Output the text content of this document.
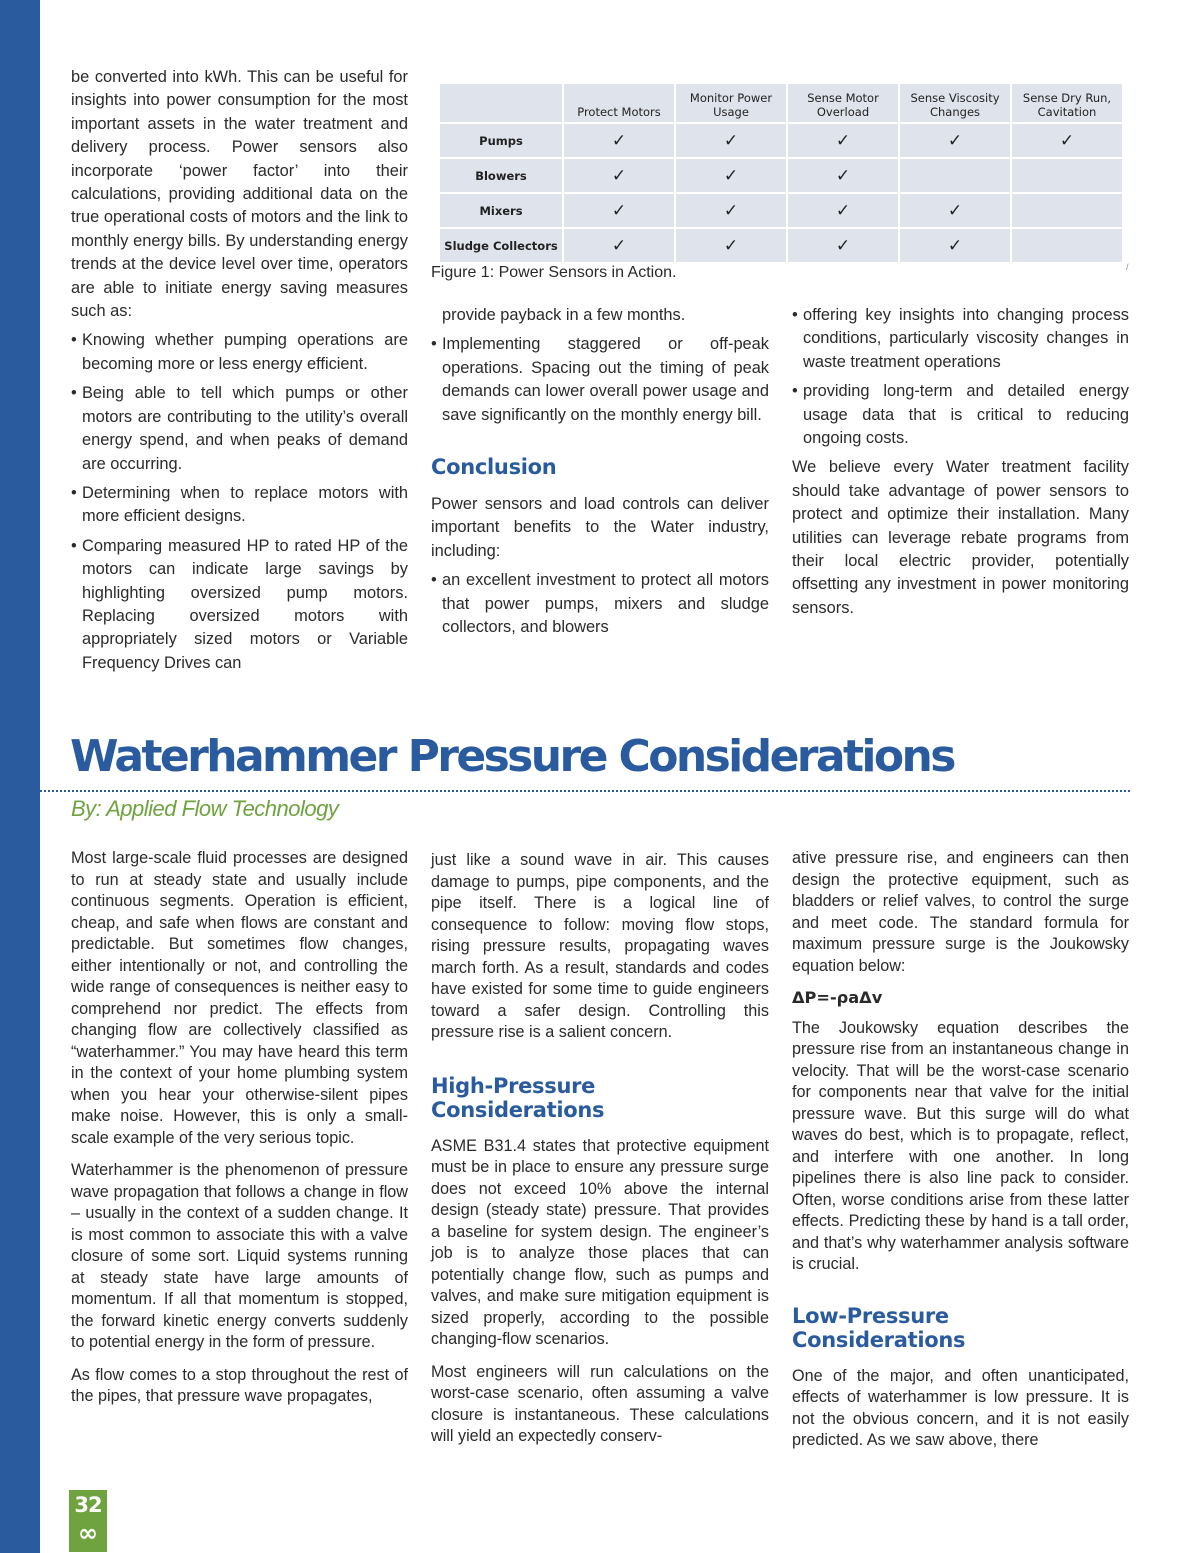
be converted into kWh. This can be useful for insights into power consumption for the most important assets in the water treatment and delivery process. Power sensors also incorporate ‘power factor’ into their calculations, providing additional data on the true operational costs of motors and the link to monthly energy bills. By understanding energy trends at the device level over time, operators are able to initiate energy saving measures such as:

• Knowing whether pumping operations are becoming more or less energy efficient.
• Being able to tell which pumps or other motors are contributing to the utility’s overall energy spend, and when peaks of demand are occurring.
• Determining when to replace motors with more efficient designs.
• Comparing measured HP to rated HP of the motors can indicate large savings by highlighting oversized pump motors. Replacing oversized motors with appropriately sized motors or Variable Frequency Drives can
	Protect Motors	Monitor Power Usage	Sense Motor Overload	Sense Viscosity Changes	Sense Dry Run, Cavitation
Pumps	✓	✓	✓	✓	✓
Blowers	✓	✓	✓		
Mixers	✓	✓	✓	✓	
Sludge Collectors	✓	✓	✓	✓	
Figure 1: Power Sensors in Action.	/

provide payback in a few months.

• Implementing staggered or off-peak operations. Spacing out the timing of peak demands can lower overall power usage and save significantly on the monthly energy bill.
Conclusion

Power sensors and load controls can deliver important benefits to the Water industry, including:

• an excellent investment to protect all motors that power pumps, mixers and sludge collectors, and blowers
• offering key insights into changing process conditions, particularly viscosity changes in waste treatment operations
• providing long-term and detailed energy usage data that is critical to reducing ongoing costs.

We believe every Water treatment facility should take advantage of power sensors to protect and optimize their installation. Many utilities can leverage rebate programs from their local electric provider, potentially offsetting any investment in power monitoring sensors.

Waterhammer Pressure Considerations
By: Applied Flow Technology

Most large-scale fluid processes are designed to run at steady state and usually include continuous segments. Operation is efficient, cheap, and safe when flows are constant and predictable. But sometimes flow changes, either intentionally or not, and controlling the wide range of consequences is neither easy to comprehend nor predict. The effects from changing flow are collectively classified as “waterhammer.” You may have heard this term in the context of your home plumbing system when you hear your otherwise-silent pipes make noise. However, this is only a small-scale example of the very serious topic.

Waterhammer is the phenomenon of pressure wave propagation that follows a change in flow – usually in the context of a sudden change. It is most common to associate this with a valve closure of some sort. Liquid systems running at steady state have large amounts of momentum. If all that momentum is stopped, the forward kinetic energy converts suddenly to potential energy in the form of pressure.

As flow comes to a stop throughout the rest of the pipes, that pressure wave propagates,

just like a sound wave in air. This causes damage to pumps, pipe components, and the pipe itself. There is a logical line of consequence to follow: moving flow stops, rising pressure results, propagating waves march forth. As a result, standards and codes have existed for some time to guide engineers toward a safer design. Controlling this pressure rise is a salient concern.

High-Pressure Considerations

ASME B31.4 states that protective equipment must be in place to ensure any pressure surge does not exceed 10% above the internal design (steady state) pressure. That provides a baseline for system design. The engineer’s job is to analyze those places that can potentially change flow, such as pumps and valves, and make sure mitigation equipment is sized properly, according to the possible changing-flow scenarios.

Most engineers will run calculations on the worst-case scenario, often assuming a valve closure is instantaneous. These calculations will yield an expectedly conserv-

ative pressure rise, and engineers can then design the protective equipment, such as bladders or relief valves, to control the surge and meet code. The standard formula for maximum pressure surge is the Joukowsky equation below:

ΔP=-ρaΔv

The Joukowsky equation describes the pressure rise from an instantaneous change in velocity. That will be the worst-case scenario for components near that valve for the initial pressure wave. But this surge will do what waves do best, which is to propagate, reflect, and interfere with one another. In long pipelines there is also line pack to consider. Often, worse conditions arise from these latter effects. Predicting these by hand is a tall order, and that’s why waterhammer analysis software is crucial.

Low-Pressure Considerations

One of the major, and often unanticipated, effects of waterhammer is low pressure. It is not the obvious concern, and it is not easily predicted. As we saw above, there

32
∞
